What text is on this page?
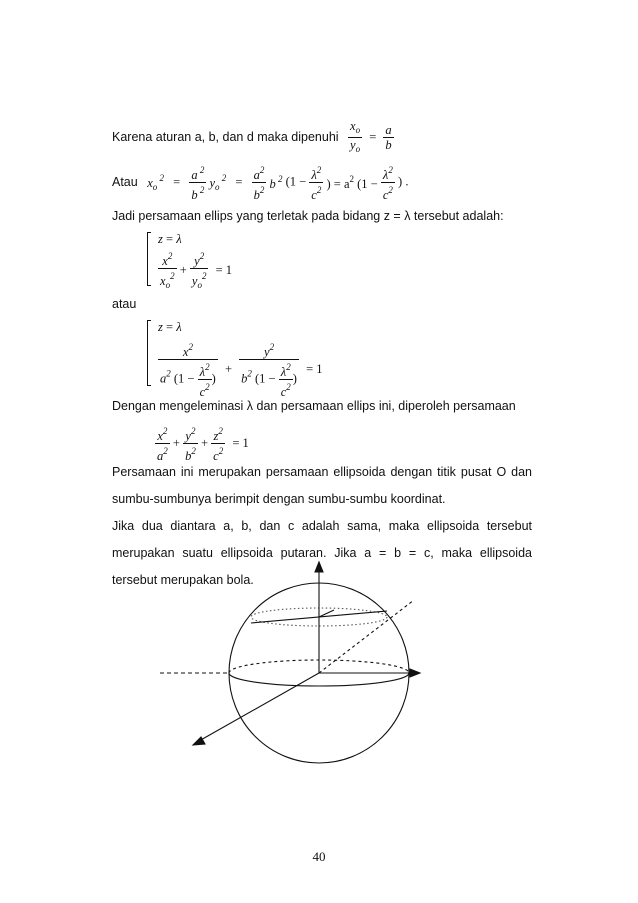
Karena aturan a, b, dan d maka dipenuhi $\frac{x_o}{y_o} = \frac{a}{b}$
Atau $x_o$ $^2 = \frac{a ^2}{b ^2} y_o$ $^2 = \frac{a^2}{b^2}$ b $^2$ ($1 - \frac{\lambda^2}{c^2}$ ) = $a^2$ ($1 - \frac{\lambda^2}{c^2}$ ) .
Jadi persamaan ellips yang terletak pada bidang z = λ tersebut adalah:
z = λ
$\frac{x^2}{x_o^2} + \frac{y^2}{y_o^2} = 1$
atau
z = λ
$\frac{x^2}{a^2 (1 - \frac{\lambda^2}{c^2} )} + \frac{y^2}{b^2 (1 - \frac{\lambda^2}{c^2} )} = 1$
Dengan mengeleminasi λ dan persamaan ellips ini, diperoleh persamaan
$\frac{x^2}{a^2} + \frac{y^2}{b^2} + \frac{z^2}{c^2} = 1$
Persamaan ini merupakan persamaan ellipsoida dengan titik pusat O dan sumbu-sumbunya berimpit dengan sumbu-sumbu koordinat.
Jika dua diantara a, b, dan c adalah sama, maka ellipsoida tersebut merupakan suatu ellipsoida putaran. Jika a = b = c, maka ellipsoida tersebut merupakan bola.
40
